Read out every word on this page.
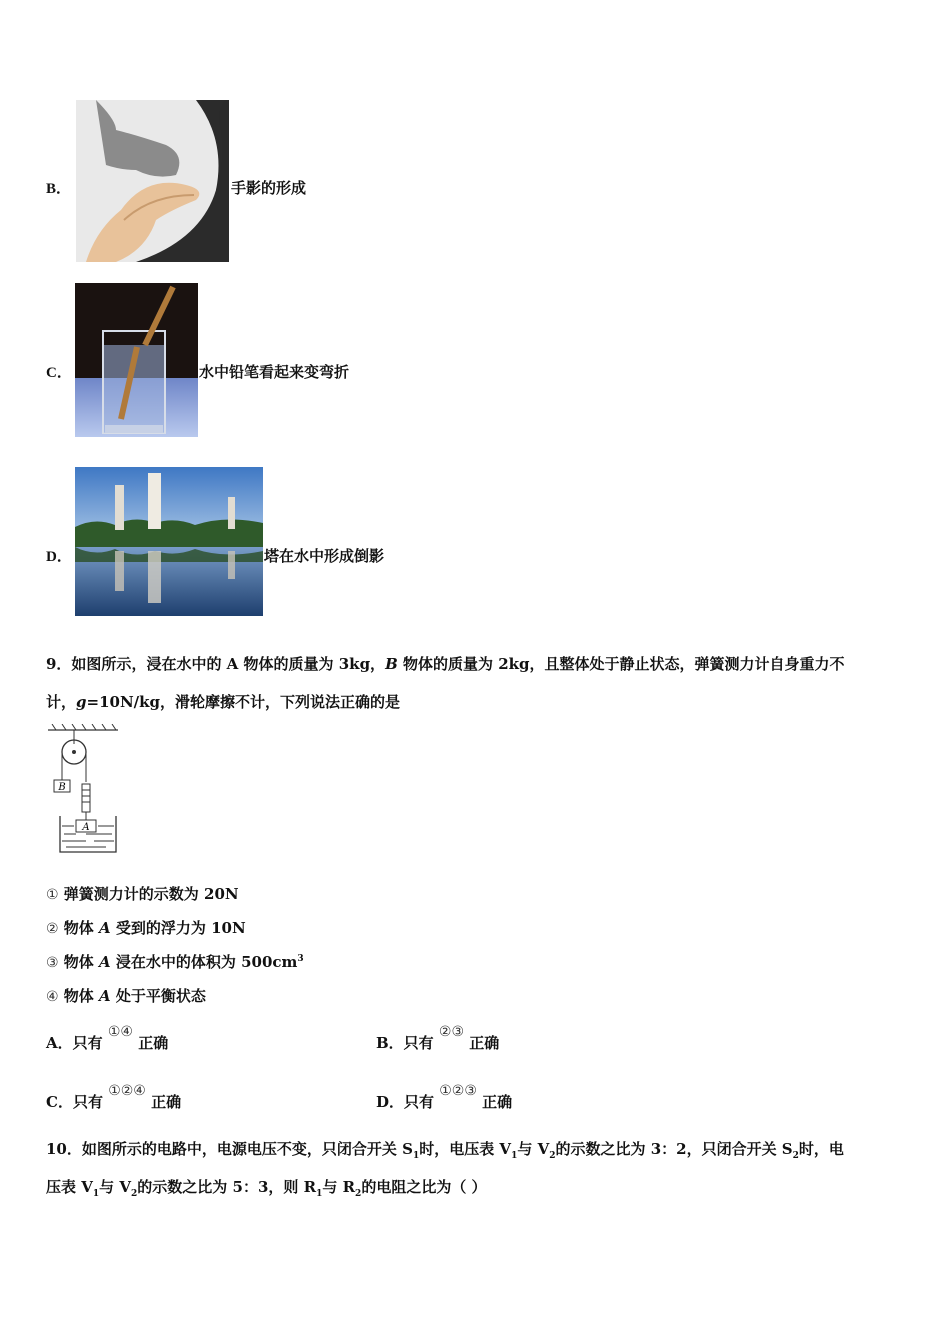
B．	手影的形成
C．	水中铅笔看起来变弯折
D．	塔在水中形成倒影
9．如图所示，浸在水中的 A 物体的质量为 3kg，B 物体的质量为 2kg，且整体处于静止状态，弹簧测力计自身重力不
计，g=10N/kg，滑轮摩擦不计，下列说法正确的是
B
A
① 弹簧测力计的示数为 20N
② 物体 A 受到的浮力为 10N
③ 物体 A 浸在水中的体积为 $500cm^3$
④ 物体 A 处于平衡状态
A．只有 ①④ 正确	B．只有 ②③ 正确
C．只有 ①②④ 正确	D．只有 ①②③ 正确
10．如图所示的电路中，电源电压不变，只闭合开关 $S_1$时，电压表 $V_1$与 $V_2$的示数之比为 3：2，只闭合开关 $S_2$时，电
压表 $V_1$与 $V_2$的示数之比为 5：3，则 $R_1$与 $R_2$的电阻之比为（ ）
